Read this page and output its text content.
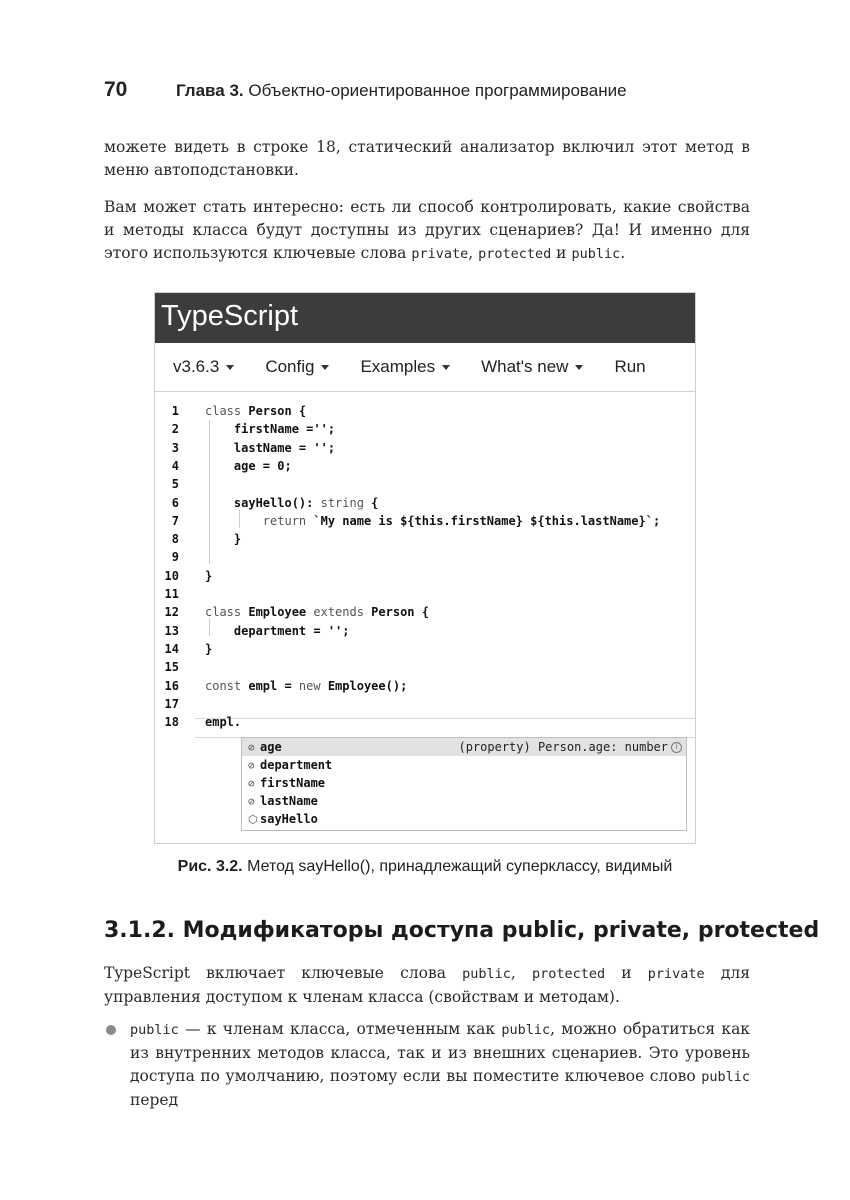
70	Глава 3. Объектно-ориентированное программирование
можете видеть в строке 18, статический анализатор включил этот метод в меню автоподстановки.
Вам может стать интересно: есть ли способ контролировать, какие свойства и методы класса будут доступны из других сценариев? Да! И именно для этого используются ключевые слова private, protected и public.
TypeScript
v3.6.3	Config	Examples	What's new	Run
1 class Person {
2 firstName ='';
3 lastName = '';
4 age = 0;
5
6 sayHello(): string {
7	return `My name is ${this.firstName} ${this.lastName}`;
8 }
9
10 }
11
12 class Employee extends Person {
13 department = '';
14 }
15
16 const empl = new Employee();
17
18 empl.
⊘ age	(property) Person.age: number	i
⊘ department
⊘ firstName
⊘ lastName
⬡ sayHello
Рис. 3.2. Метод sayHello(), принадлежащий суперклассу, видимый
3.1.2. Модификаторы доступа public, private, protected
TypeScript включает ключевые слова public, protected и private для управления доступом к членам класса (свойствам и методам).
public — к членам класса, отмеченным как public, можно обратиться как из внутренних методов класса, так и из внешних сценариев. Это уровень доступа по умолчанию, поэтому если вы поместите ключевое слово public перед
